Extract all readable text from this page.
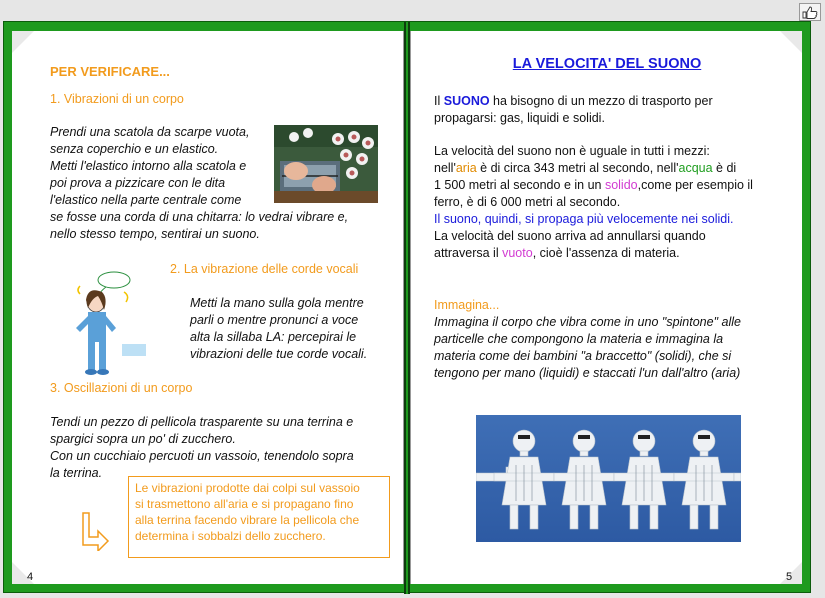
PER VERIFICARE...
1. Vibrazioni di un corpo
Prendi una scatola da scarpe vuota,
senza coperchio e un elastico.
Metti l'elastico intorno alla scatola e
poi prova a pizzicare con le dita
l'elastico nella parte centrale come
se fosse una corda di una chitarra: lo vedrai vibrare e,
nello stesso tempo, sentirai un suono.
2. La vibrazione delle corde vocali
Metti la mano sulla gola mentre
parli o mentre pronunci a voce
alta la sillaba LA: percepirai le
vibrazioni delle tue corde vocali.
3. Oscillazioni di un corpo
Tendi un pezzo di pellicola trasparente su una terrina e
spargici sopra un po' di zucchero.
Con un cucchiaio percuoti un vassoio, tenendolo sopra
la terrina.
Le vibrazioni prodotte dai colpi sul vassoio
si trasmettono all'aria e si propagano fino
alla terrina facendo vibrare la pellicola che
determina i sobbalzi dello zucchero.
4
LA VELOCITA' DEL SUONO
Il SUONO ha bisogno di un mezzo di trasporto per
propagarsi: gas, liquidi e solidi.
La velocità del suono non è uguale in tutti i mezzi:
nell'aria è di circa 343 metri al secondo, nell'acqua è di
1 500 metri al secondo e in un solido,come per esempio il
ferro, è di 6 000 metri al secondo.
Il suono, quindi, si propaga più velocemente nei solidi.
La velocità del suono arriva ad annullarsi quando
attraversa il vuoto, cioè l'assenza di materia.
Immagina...
Immagina il corpo che vibra come in uno "spintone" alle
particelle che compongono la materia e immagina la
materia come dei bambini "a braccetto" (solidi), che si
tengono per mano (liquidi) e staccati l'un dall'altro (aria)
5
